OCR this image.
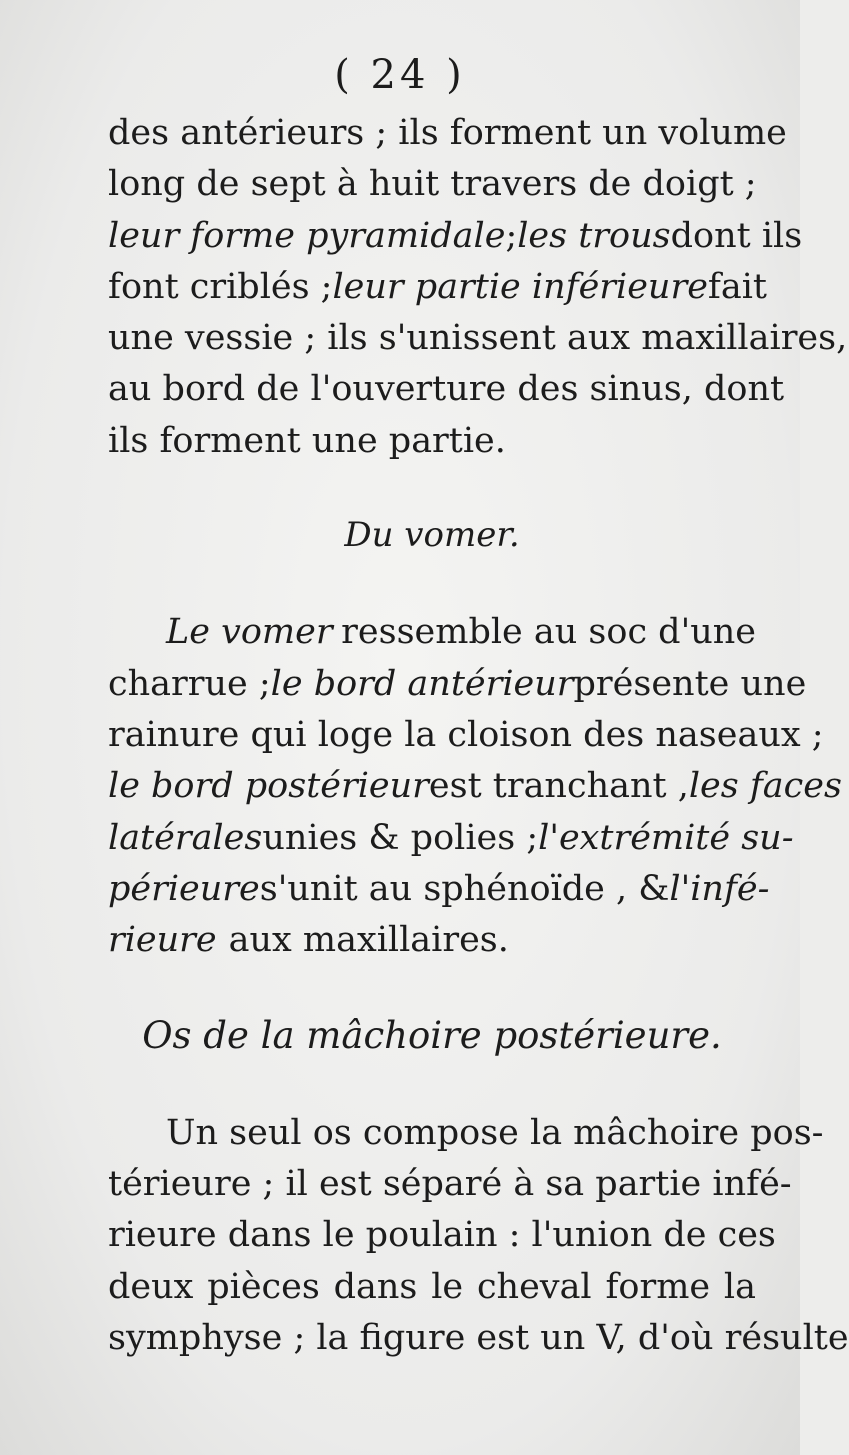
( 24 )
des antérieurs ; ils forment un volume
long de sept à huit travers de doigt ;
leur forme pyramidale ; les trous dont ils
font criblés ; leur partie inférieure fait
une vessie ; ils s'unissent aux maxillaires,
au bord de l'ouverture des sinus, dont
ils forment une partie.
Du vomer.
Le vomer ressemble au soc d'une
charrue ; le bord antérieur présente une
rainure qui loge la cloison des naseaux ;
le bord postérieur est tranchant , les faces
latérales unies & polies ; l'extrémité su-
périeure s'unit au sphénoïde , & l'infé-
rieure aux maxillaires.
Os de la mâchoire postérieure.
Un seul os compose la mâchoire pos-
térieure ; il est séparé à sa partie infé-
rieure dans le poulain : l'union de ces
deux pièces dans le cheval forme la
symphyse ; la figure est un V, d'où résulte
